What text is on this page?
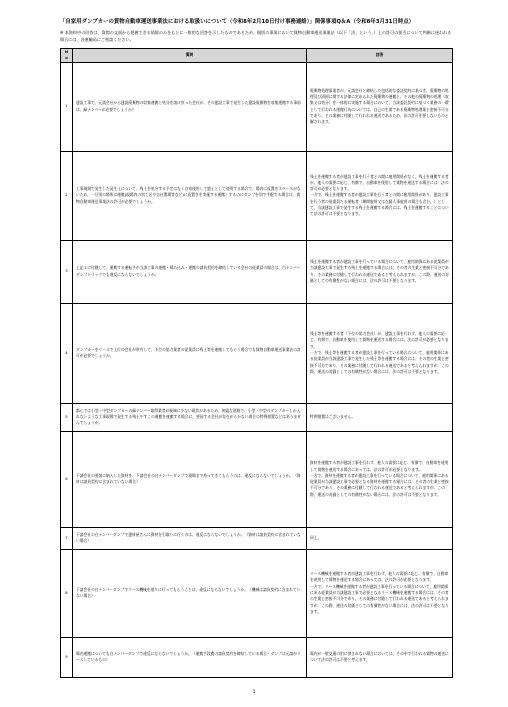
「自家用ダンプカーの貨物自動車運送事業法における取扱いについて（令和8年2月10日付け事務連絡）」関係事項Q＆A（令和8年3月31日時点）
※ 本資料中の回答は、質問の文面から把握できる情報のみをもとに一般的な回答を示したものであるため、個別の事案において貨物自動車運送事業法（以下「法」という。）上の許可の要否について判断に迷われる場合には、各運輸局にご相談ください。
No	質問	回答
1	建設工事で、元請会社から建設廃棄物の収集運搬と処分を請け負った会社が、その建設工事で発生した建設廃棄物を収集運搬する事前は、緑ナンバーが必要でしょうか？	廃棄物処理事業者が、元請会社と締結した包括的な委託契約に基づき、廃棄物の処理及び清掃に関する法律に定められた廃棄物の運搬と、その他の廃棄物の処理（収集又は処分）を一体的に実施する場合において、当該委託契約に基づく業務の一環として行われる運搬行為については、自己の生業である廃棄物処理業と密接不可分であり、その業務に付随して行われる運送であるため、法の許可を要しないものと解されます。
2	工事現場で発生した発生土について、残土を処分する予定はなく自家使用して盛土として使用する場合で、場内に仮置きスペースがないため、一旦別の場所に運搬(現場内の別工区や自社置場等など)に仮置きを実施する運搬）するのにダンプを別で手配する場合は、貨物自動車運送事業法の許可が必要でしょうか。	残土を運搬する者が建設工事を行う者との間に雇用関係がなく、残土を運搬する者が、他人の需要に応じ、有償で、自動車を使用して貨物を運送する場合には、法の許可が必要となります。
一方で、残土を運搬する者が建設工事を行う者との間に雇用関係があり、建設工事を行う者の従業員たる運転者（期間雇用又は在籍人事雇用の場合も含む。）として、当該建設工事で発生する残土を運搬する場合には、残土を運搬することについて法の許可は不要となります。
3	上記２に付随して、運搬する運転手が当該工事の運搬・積み込み・運搬の請負契約を締結している会社の従業員の場合は、白ナンバーダンプトラックでも違反にならないでしょうか。	残土を運搬する者が建設工事を行っている場合について、雇用関係にある従業員が当該建設工事で発生する残土を運搬する場合には、その者の生業と密接不可分であり、その業務に付随して行われる運送であると考えられますが、この際、運送の対価としての有償性がない場合には、法の許可は不要となります。
4	ダンプカーをリースで上位の会社が所有して、下位の協力業者の従業員に残土等を運搬してもらう場合でも貨物自動車運送事業法の許可が必要でしょうか。	残土等を運搬する者（下位の協力会社）が、建設工事を行わず、他人の需要に応じ、有償で、自動車を使用して貨物を運送する場合には、法の許可が必要となります。
一方で、残土等を運搬する者が建設工事を行っている場合について、雇用関係にある従業員が当該建設工事で発生した残土等を運搬する場合には、その者の生業と密接不可分であり、その業務に付随して行われる運送であると考えられますが、この際、運送の対価としての有償性がない場合には、法の許可は不要となります。
5	都心では小型・中型ダンプカーの緑ナンバー取得業者が極端に少ない現状があるため、狭隘な道路で、小型・中型のダンプカーしか入れないような工事現場で発生する残土やすこの運搬を運搬する場合に、要因する会社が存在がらかない場合の特例措置などはありませんでしょうか。	特例措置はございません。
6	下請会社の要請に納入した資材を、下請会社の白ナンバーダンプで現場まで持ってきてもらうのは、違反にならないでしょうか。（資材は請負契約に含まれていない場合）	資材を運搬する者が建設工事を行わず、他人の需要に応じ、有償で、自動車を使用して貨物を運送する場合にあっては、法の許可が必要となります。
一方で、資材を運搬する者が建設工事を行っている場合について、雇用関係にある従業員が当該建設工事で必要となる資材を運搬する場合には、その者の生業と密接不可分であり、その業務に付随して行われる運送であると考えられますが、この際、運送の対価としての有償性がない場合には、法の許可は不要となります。
7	下請会社の白ナンバーダンプで建材屋さんに資材を引取りに行くのは、違反にならないでしょうか。（資材は請負契約に含まれていない場合）	同上。
8	下請会社の白ナンバーダンプでリース機械を借りに行ってもらうことは、違反にならないでしょうか。（機械は請負契約に含まれていない場合）	リース機械を運搬する者が建設工事を行わず、他人の需要に応じ、有償で、自動車を使用して貨物を運送する場合にあっては、法の許可が必要となります。
一方で、リース機械を運搬する者が建設工事を行っている場合について、雇用関係にある従業員が当該建設工事で必要となるリース機械を運搬する場合には、その者の生業と密接不可分であり、その業務に付随して行われる運送であると考えられますが、この際、運送の対価としての有償性がない場合には、法の許可は不要となります。
9	場内運搬についても白ナンバーダンプで違反にならないでしょうか。（運搬手段費の請負契約を締結している場合・ダンプは元請がリースしているもの）	場内が一般交通の用に供されない場合においては、その中で行われる貨物の運送について法の許可は不要と考えます。
1
